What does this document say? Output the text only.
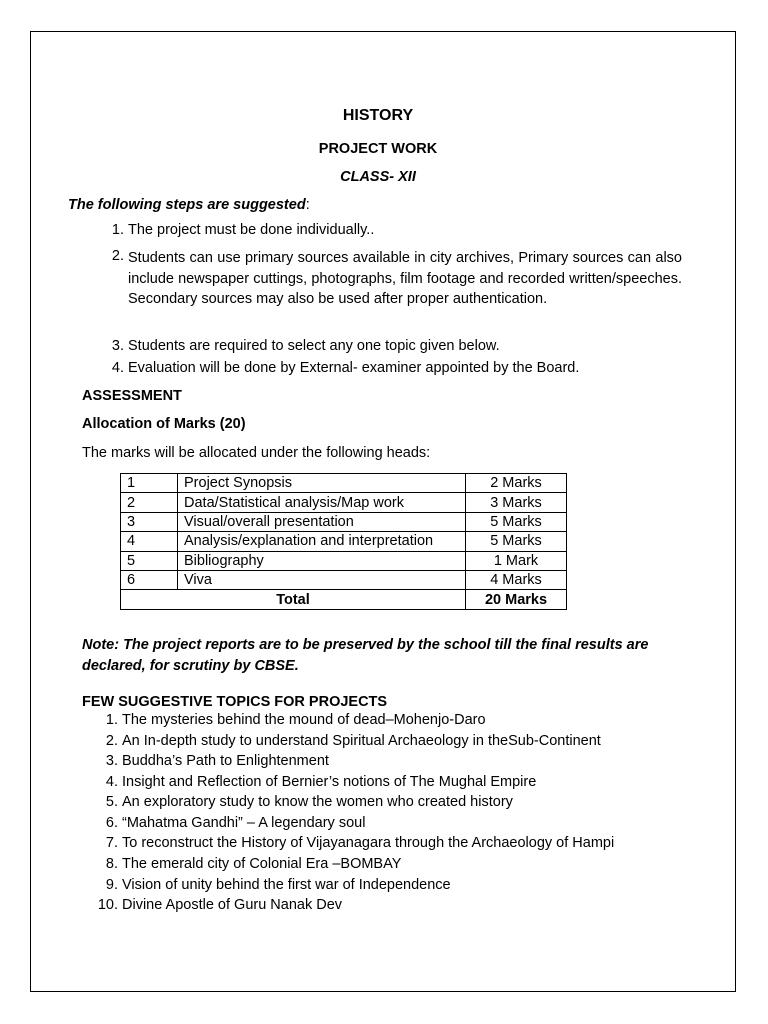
HISTORY
PROJECT WORK
CLASS- XII
The following steps are suggested:
1. The project must be done individually..
2. Students can use primary sources available in city archives, Primary sources can also include newspaper cuttings, photographs, film footage and recorded written/speeches. Secondary sources may also be used after proper authentication.
3. Students are required to select any one topic given below.
4. Evaluation will be done by External- examiner appointed by the Board.
ASSESSMENT
Allocation of Marks (20)
The marks will be allocated under the following heads:
1	Project Synopsis	2 Marks
2	Data/Statistical analysis/Map work	3 Marks
3	Visual/overall presentation	5 Marks
4	Analysis/explanation and interpretation	5 Marks
5	Bibliography	1 Mark
6	Viva	4 Marks
Total		20 Marks
Note: The project reports are to be preserved by the school till the final results are declared, for scrutiny by CBSE.
FEW SUGGESTIVE TOPICS FOR PROJECTS
1. The mysteries behind the mound of dead–Mohenjo-Daro
2. An In-depth study to understand Spiritual Archaeology in theSub-Continent
3. Buddha’s Path to Enlightenment
4. Insight and Reflection of Bernier’s notions of The Mughal Empire
5. An exploratory study to know the women who created history
6. “Mahatma Gandhi” – A legendary soul
7. To reconstruct the History of Vijayanagara through the Archaeology of Hampi
8. The emerald city of Colonial Era –BOMBAY
9. Vision of unity behind the first war of Independence
10. Divine Apostle of Guru Nanak Dev
